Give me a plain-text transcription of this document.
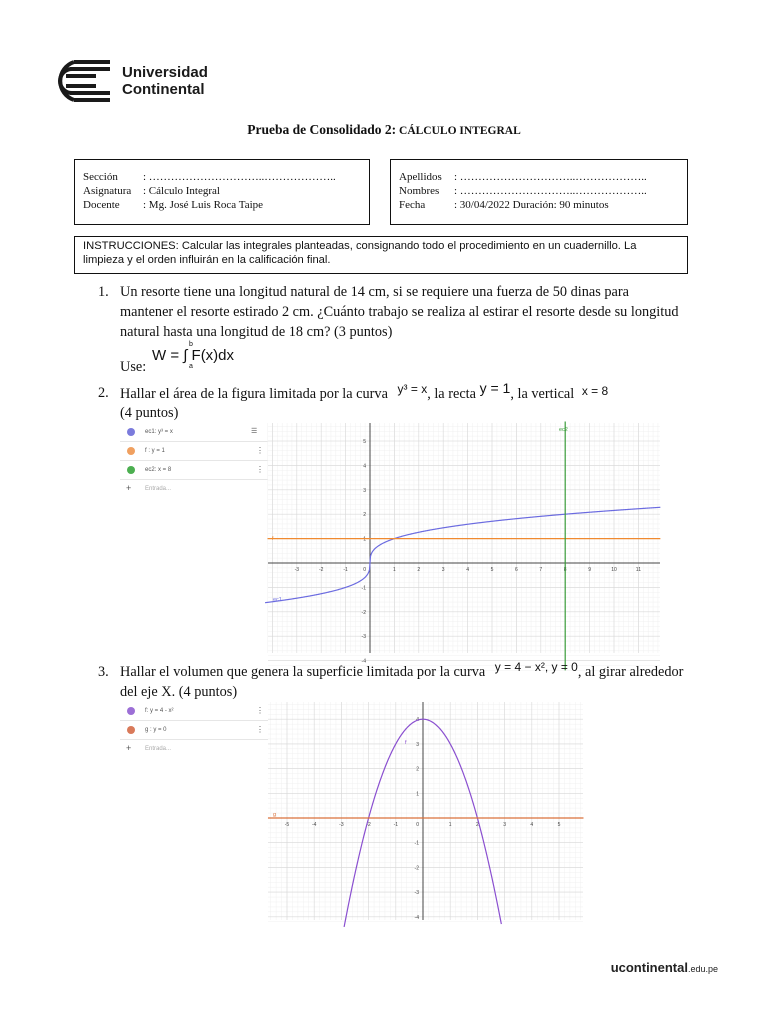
Universidad
Continental
Prueba de Consolidado 2: CÁLCULO INTEGRAL
Sección : …………………………..………………..
Asignatura : Cálculo Integral
Docente : Mg. José Luis Roca Taipe
Apellidos : …………………………..………………..
Nombres : …………………………..………………..
Fecha	: 30/04/2022 Duración: 90 minutos
INSTRUCCIONES: Calcular las integrales planteadas, consignando todo el procedimiento en un cuadernillo. La limpieza y el orden influirán en la calificación final.
1. Un resorte tiene una longitud natural de 14 cm, si se requiere una fuerza de 50 dinas para mantener el resorte estirado 2 cm. ¿Cuánto trabajo se realiza al estirar el resorte desde su longitud natural hasta una longitud de 18 cm? (3 puntos)
Use:
W = ∫ F(x)dx
b
a
2. Hallar el área de la figura limitada por la curva $^{y^3 = x}$, la recta y = 1, la vertical $^{x = 8}$
(4 puntos)
ec1: y³ = x	☰
f : y = 1	⋮
ec2: x = 8	⋮
+ Entrada...
-3	-2	-1	1	2	3	4	5	6	7	8	9	10	11
5
4
3
2
1
-1
-2
-3
-4
0
ec1
f
ec2
3. Hallar el volumen que genera la superficie limitada por la curva $^{y = 4 - x^2, y = 0}$, al girar alrededor del eje X. (4 puntos)
f: y = 4 - x²	⋮
g : y = 0	⋮
+ Entrada...
-5	-4	-3	-2	-1	1	2	3	4	5
4
3
2
1
-1
-2
-3
-4
0
f
g
ucontinental.edu.pe
